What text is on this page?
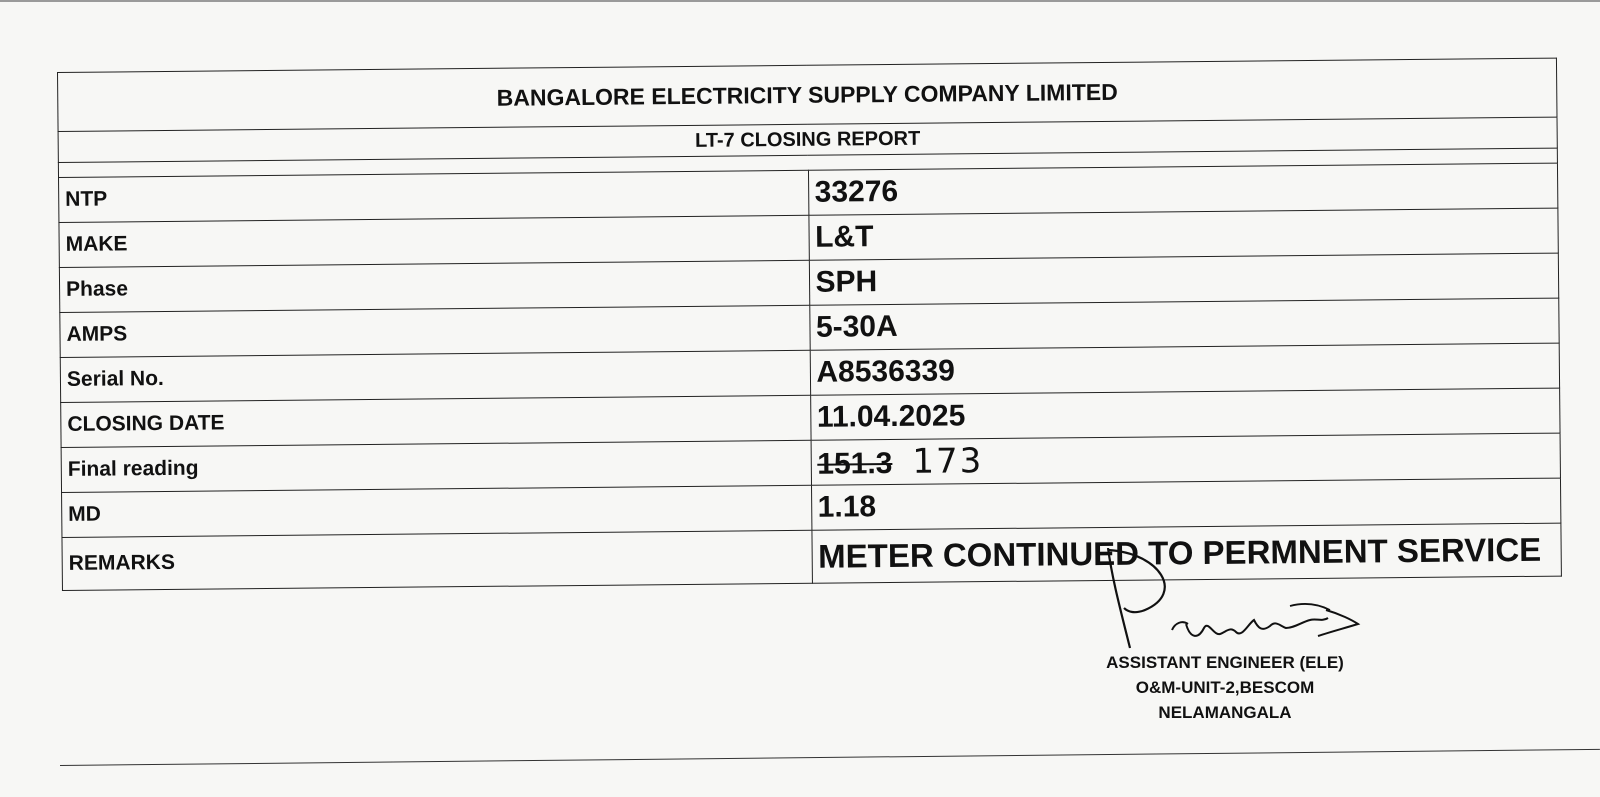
BANGALORE ELECTRICITY SUPPLY COMPANY LIMITED	
LT-7 CLOSING REPORT	

NTP	33276
MAKE	L&T
Phase	SPH
AMPS	5-30A
Serial No.	A8536339
CLOSING DATE	11.04.2025
Final reading	151.3 173
MD	1.18
REMARKS	METER CONTINUED TO PERMNENT SERVICE
ASSISTANT ENGINEER (ELE)
O&M-UNIT-2,BESCOM
NELAMANGALA
